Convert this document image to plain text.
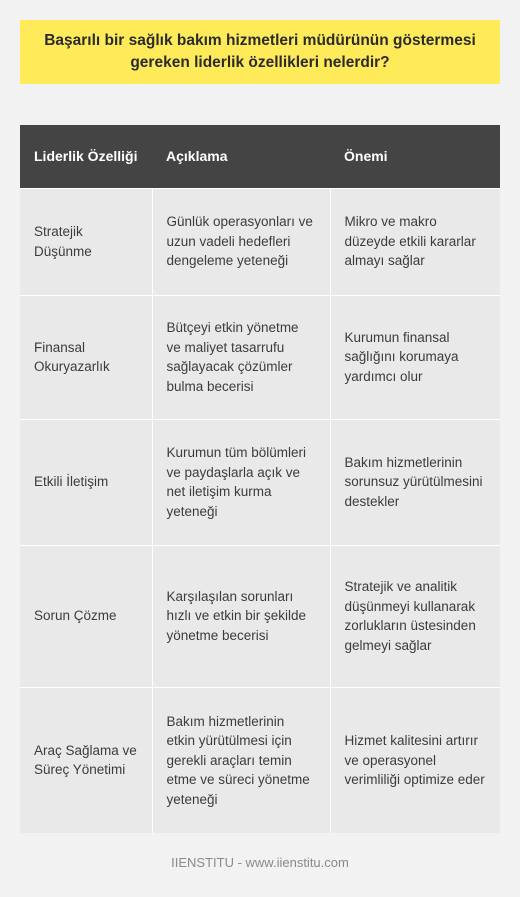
Başarılı bir sağlık bakım hizmetleri müdürünün göstermesi gereken liderlik özellikleri nelerdir?
Liderlik Özelliği	Açıklama	Önemi
Stratejik Düşünme	Günlük operasyonları ve uzun vadeli hedefleri dengeleme yeteneği	Mikro ve makro düzeyde etkili kararlar almayı sağlar
Finansal Okuryazarlık	Bütçeyi etkin yönetme ve maliyet tasarrufu sağlayacak çözümler bulma becerisi	Kurumun finansal sağlığını korumaya yardımcı olur
Etkili İletişim	Kurumun tüm bölümleri ve paydaşlarla açık ve net iletişim kurma yeteneği	Bakım hizmetlerinin sorunsuz yürütülmesini destekler
Sorun Çözme	Karşılaşılan sorunları hızlı ve etkin bir şekilde yönetme becerisi	Stratejik ve analitik düşünmeyi kullanarak zorlukların üstesinden gelmeyi sağlar
Araç Sağlama ve Süreç Yönetimi	Bakım hizmetlerinin etkin yürütülmesi için gerekli araçları temin etme ve süreci yönetme yeteneği	Hizmet kalitesini artırır ve operasyonel verimliliği optimize eder
IIENSTITU - www.iienstitu.com
